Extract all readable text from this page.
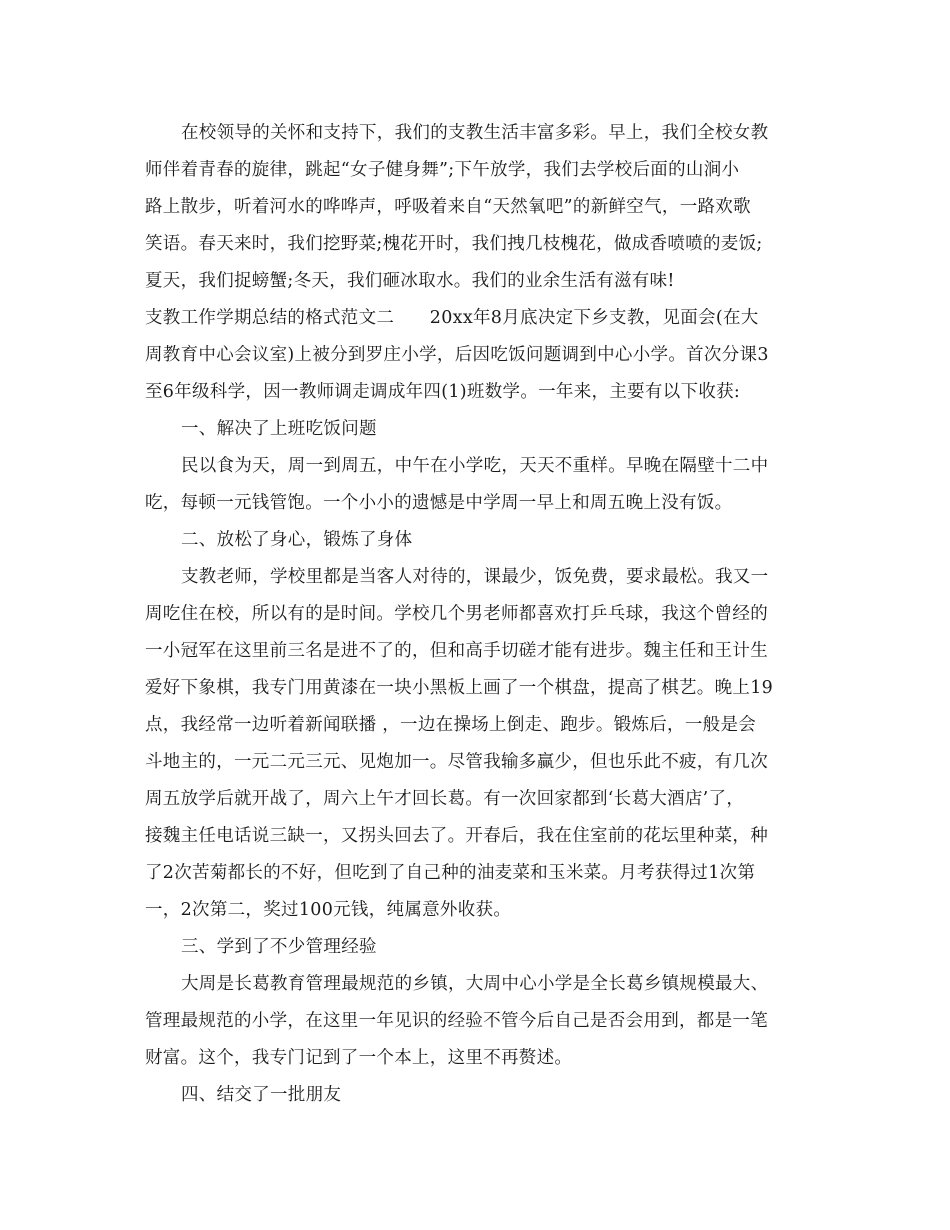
在校领导的关怀和支持下，我们的支教生活丰富多彩。早上，我们全校女教
师伴着青春的旋律，跳起“女子健身舞”;下午放学，我们去学校后面的山涧小
路上散步，听着河水的哗哗声，呼吸着来自“天然氧吧”的新鲜空气，一路欢歌
笑语。春天来时，我们挖野菜;槐花开时，我们拽几枝槐花，做成香喷喷的麦饭;
夏天，我们捉螃蟹;冬天，我们砸冰取水。我们的业余生活有滋有味!
支教工作学期总结的格式范文二　　20xx年8月底决定下乡支教，见面会(在大
周教育中心会议室)上被分到罗庄小学，后因吃饭问题调到中心小学。首次分课3
至6年级科学，因一教师调走调成年四(1)班数学。一年来，主要有以下收获:
一、解决了上班吃饭问题
民以食为天，周一到周五，中午在小学吃，天天不重样。早晚在隔壁十二中
吃，每顿一元钱管饱。一个小小的遗憾是中学周一早上和周五晚上没有饭。
二、放松了身心，锻炼了身体
支教老师，学校里都是当客人对待的，课最少，饭免费，要求最松。我又一
周吃住在校，所以有的是时间。学校几个男老师都喜欢打乒乓球，我这个曾经的
一小冠军在这里前三名是进不了的，但和高手切磋才能有进步。魏主任和王计生
爱好下象棋，我专门用黄漆在一块小黑板上画了一个棋盘，提高了棋艺。晚上19
点，我经常一边听着新闻联播 ，一边在操场上倒走、跑步。锻炼后，一般是会
斗地主的，一元二元三元、见炮加一。尽管我输多赢少，但也乐此不疲，有几次
周五放学后就开战了，周六上午才回长葛。有一次回家都到‘长葛大酒店’了，
接魏主任电话说三缺一，又拐头回去了。开春后，我在住室前的花坛里种菜，种
了2次苦菊都长的不好，但吃到了自己种的油麦菜和玉米菜。月考获得过1次第
一，2次第二，奖过100元钱，纯属意外收获。
三、学到了不少管理经验
大周是长葛教育管理最规范的乡镇，大周中心小学是全长葛乡镇规模最大、
管理最规范的小学，在这里一年见识的经验不管今后自己是否会用到，都是一笔
财富。这个，我专门记到了一个本上，这里不再赘述。
四、结交了一批朋友
